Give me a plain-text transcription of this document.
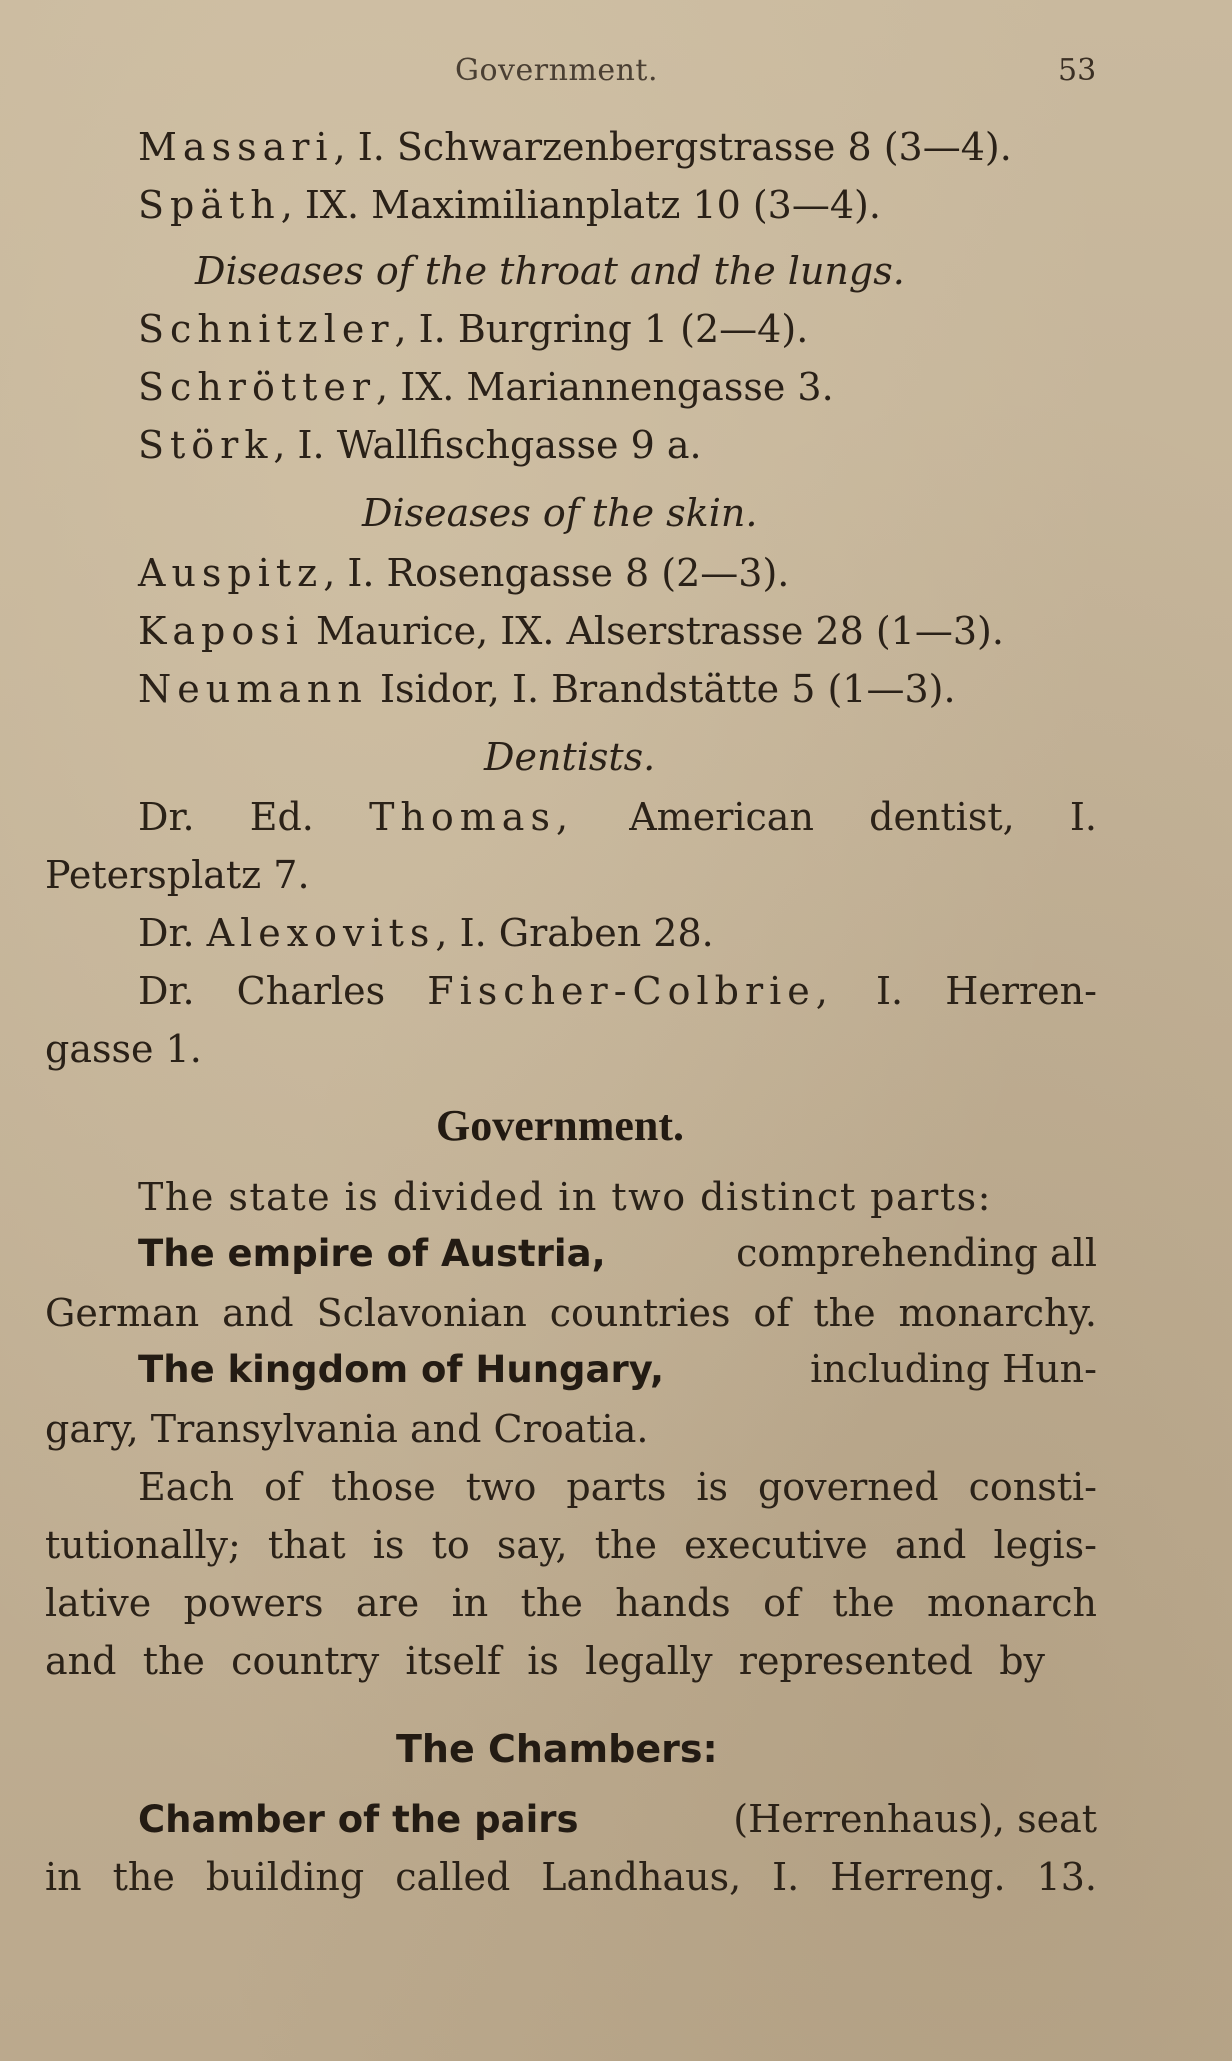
Government.	53
Massari, I. Schwarzenbergstrasse 8 (3—4).
Späth, IX. Maximilianplatz 10 (3—4).
Diseases of the throat and the lungs.
Schnitzler, I. Burgring 1 (2—4).
Schrötter, IX. Mariannengasse 3.
Störk, I. Wallfischgasse 9 a.
Diseases of the skin.
Auspitz, I. Rosengasse 8 (2—3).
Kaposi Maurice, IX. Alserstrasse 28 (1—3).
Neumann Isidor, I. Brandstätte 5 (1—3).
Dentists.
Dr. Ed. Thomas, American dentist, I.
Petersplatz 7.
Dr. Alexovits, I. Graben 28.
Dr. Charles Fischer-Colbrie, I. Herren-
gasse 1.
Government.
The state is divided in two distinct parts:
The empire of Austria,	comprehending all
German and Sclavonian countries of the monarchy.
The kingdom of Hungary,	including Hun-
gary, Transylvania and Croatia.
Each of those two parts is governed consti-
tutionally; that is to say, the executive and legis-
lative powers are in the hands of the monarch
and the country itself is legally represented by
The Chambers:
Chamber of the pairs	(Herrenhaus), seat
in the building called Landhaus, I. Herreng. 13.
